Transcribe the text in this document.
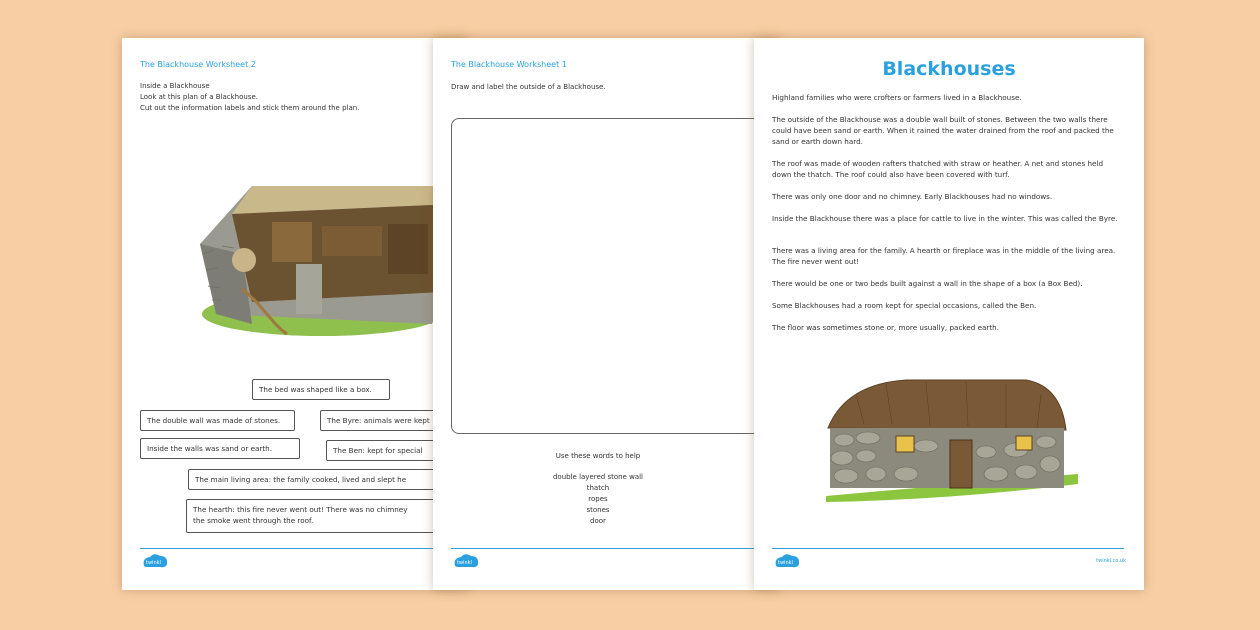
The Blackhouse Worksheet 2
Inside a Blackhouse
Look at this plan of a Blackhouse.
Cut out the information labels and stick them around the plan.
The bed was shaped like a box.
The double wall was made of stones.	The Byre: animals were kept
Inside the walls was sand or earth.	The Ben: kept for special
The main living area: the family cooked, lived and slept he
The hearth: this fire never went out! There was no chimney
the smoke went through the roof.
twinkl
The Blackhouse Worksheet 1
Draw and label the outside of a Blackhouse.
Use these words to help
double layered stone wall
thatch
ropes
stones
door
twinkl
Blackhouses

Highland families who were crofters or farmers lived in a Blackhouse.

The outside of the Blackhouse was a double wall built of stones. Between the two walls there could have been sand or earth. When it rained the water drained from the roof and packed the sand or earth down hard.

The roof was made of wooden rafters thatched with straw or heather. A net and stones held down the thatch. The roof could also have been covered with turf.

There was only one door and no chimney. Early Blackhouses had no windows.

Inside the Blackhouse there was a place for cattle to live in the winter. This was called the Byre.

There was a living area for the family. A hearth or fireplace was in the middle of the living area. The fire never went out!

There would be one or two beds built against a wall in the shape of a box (a Box Bed).

Some Blackhouses had a room kept for special occasions, called the Ben.

The floor was sometimes stone or, more usually, packed earth.

twinkl	twinkl.co.uk
